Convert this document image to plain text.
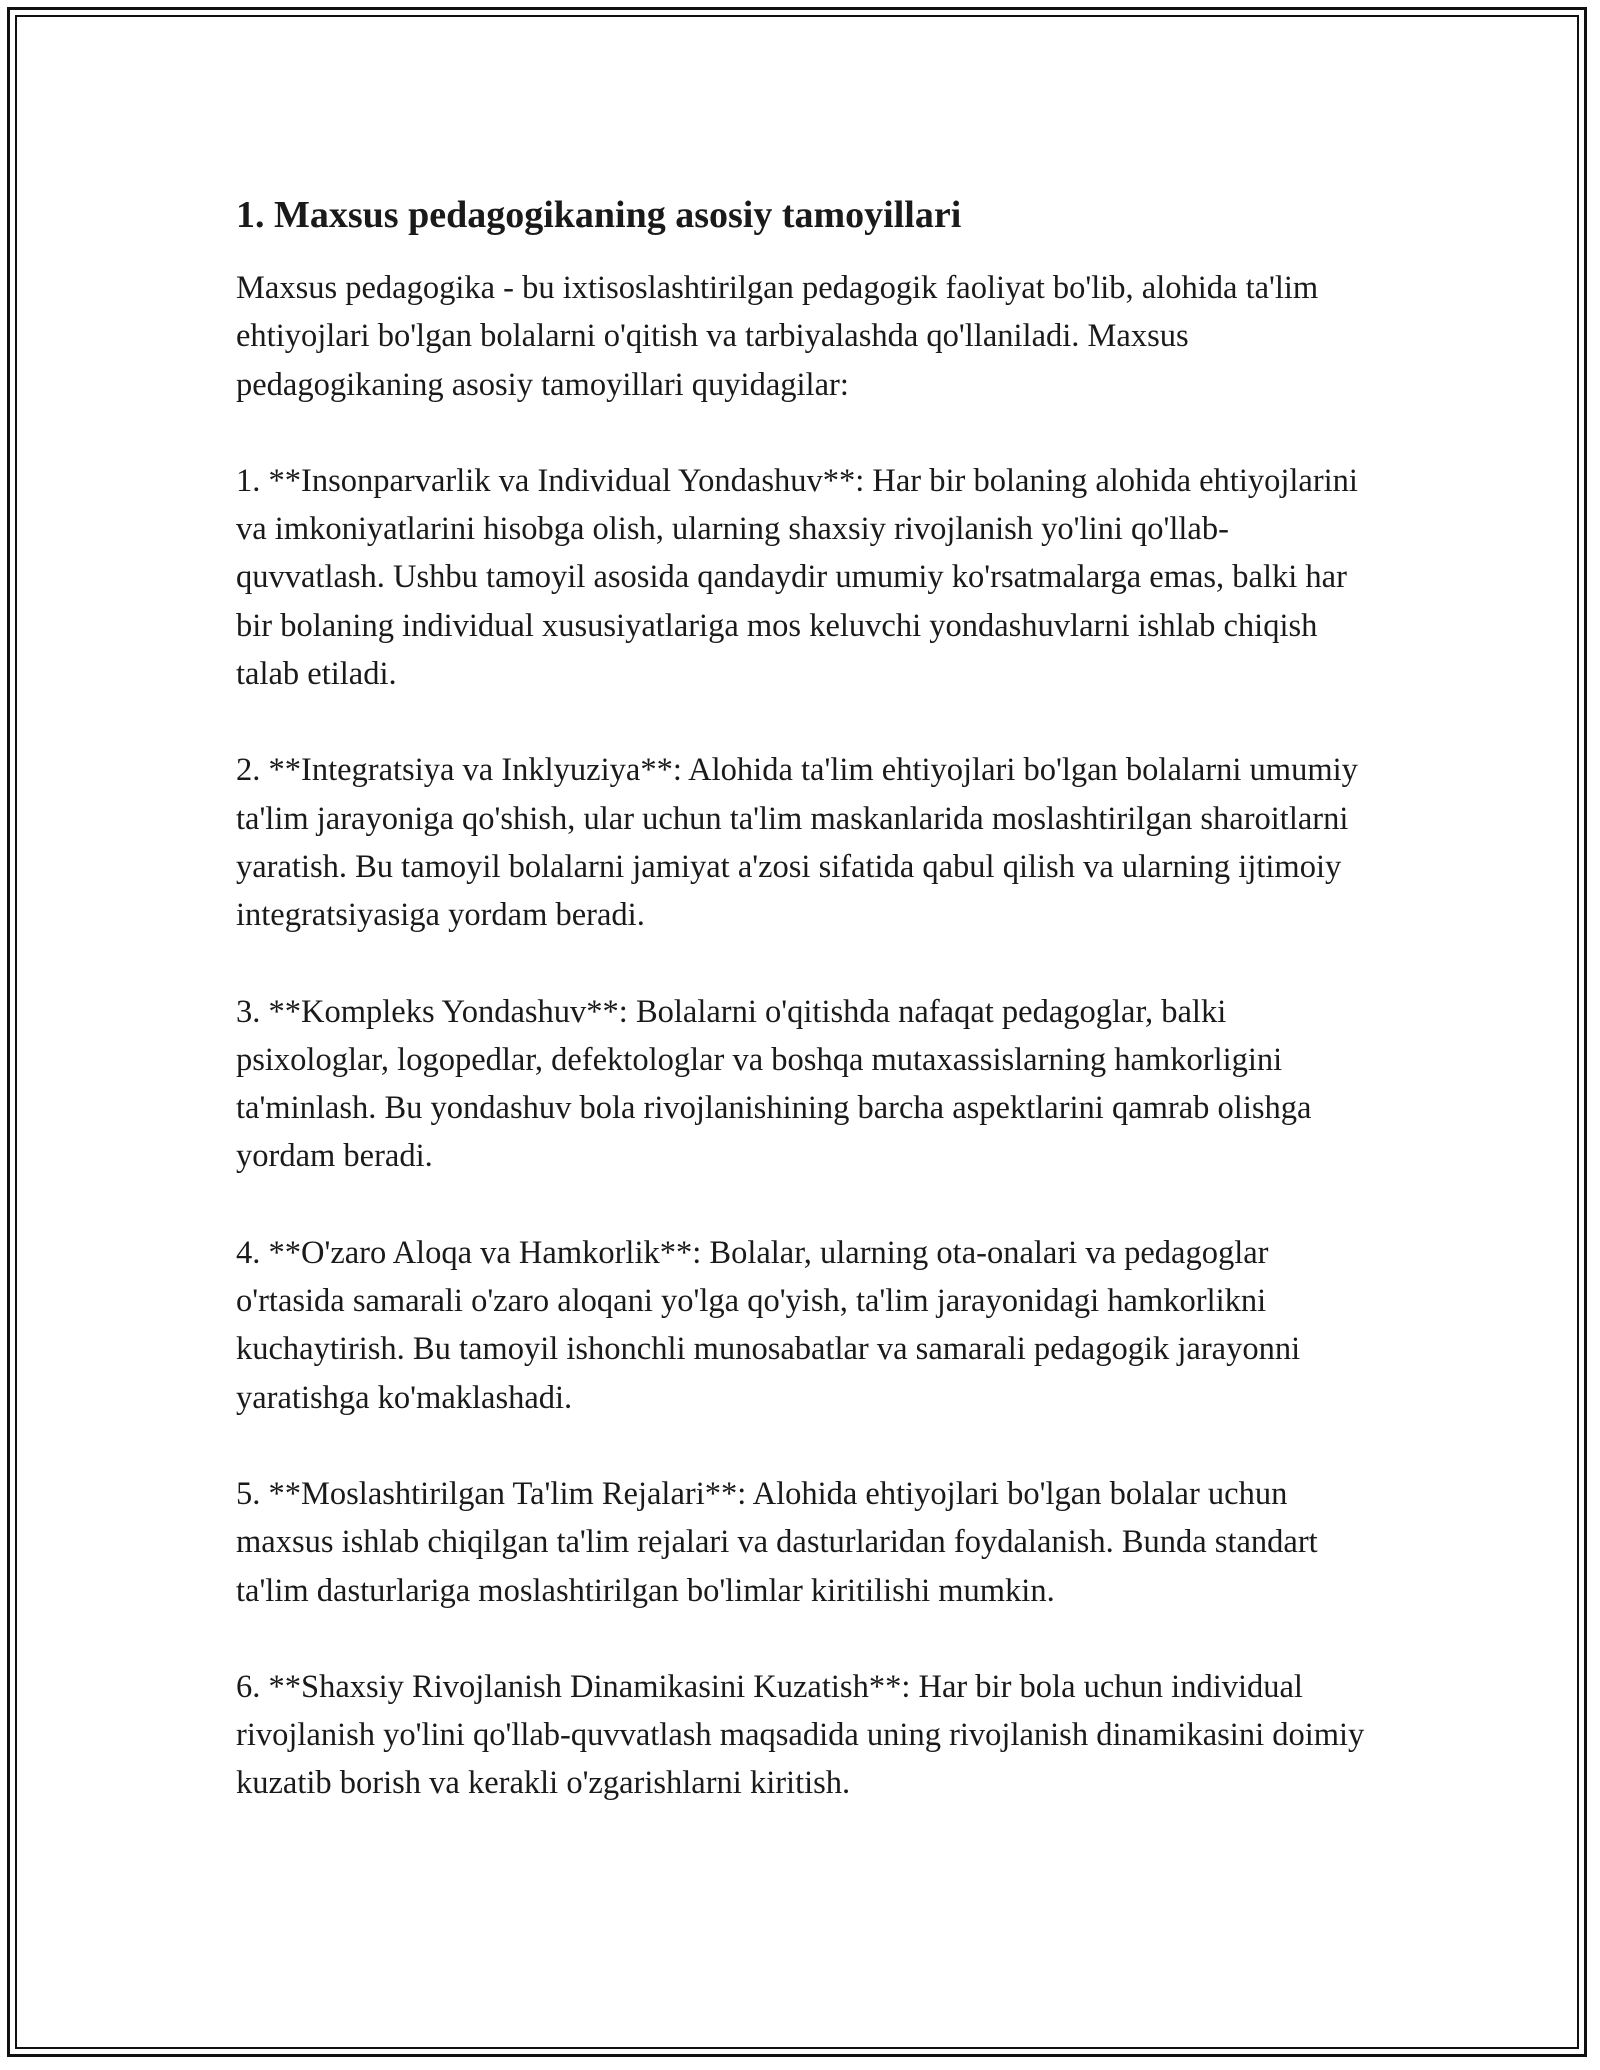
1. Maxsus pedagogikaning asosiy tamoyillari

Maxsus pedagogika - bu ixtisoslashtirilgan pedagogik faoliyat bo'lib, alohida ta'lim ehtiyojlari bo'lgan bolalarni o'qitish va tarbiyalashda qo'llaniladi. Maxsus pedagogikaning asosiy tamoyillari quyidagilar:

1. **Insonparvarlik va Individual Yondashuv**: Har bir bolaning alohida ehtiyojlarini va imkoniyatlarini hisobga olish, ularning shaxsiy rivojlanish yo'lini qo'llab-quvvatlash. Ushbu tamoyil asosida qandaydir umumiy ko'rsatmalarga emas, balki har bir bolaning individual xususiyatlariga mos keluvchi yondashuvlarni ishlab chiqish talab etiladi.

2. **Integratsiya va Inklyuziya**: Alohida ta'lim ehtiyojlari bo'lgan bolalarni umumiy ta'lim jarayoniga qo'shish, ular uchun ta'lim maskanlarida moslashtirilgan sharoitlarni yaratish. Bu tamoyil bolalarni jamiyat a'zosi sifatida qabul qilish va ularning ijtimoiy integratsiyasiga yordam beradi.

3. **Kompleks Yondashuv**: Bolalarni o'qitishda nafaqat pedagoglar, balki psixologlar, logopedlar, defektologlar va boshqa mutaxassislarning hamkorligini ta'minlash. Bu yondashuv bola rivojlanishining barcha aspektlarini qamrab olishga yordam beradi.

4. **O'zaro Aloqa va Hamkorlik**: Bolalar, ularning ota-onalari va pedagoglar o'rtasida samarali o'zaro aloqani yo'lga qo'yish, ta'lim jarayonidagi hamkorlikni kuchaytirish. Bu tamoyil ishonchli munosabatlar va samarali pedagogik jarayonni yaratishga ko'maklashadi.

5. **Moslashtirilgan Ta'lim Rejalari**: Alohida ehtiyojlari bo'lgan bolalar uchun maxsus ishlab chiqilgan ta'lim rejalari va dasturlaridan foydalanish. Bunda standart ta'lim dasturlariga moslashtirilgan bo'limlar kiritilishi mumkin.

6. **Shaxsiy Rivojlanish Dinamikasini Kuzatish**: Har bir bola uchun individual rivojlanish yo'lini qo'llab-quvvatlash maqsadida uning rivojlanish dinamikasini doimiy kuzatib borish va kerakli o'zgarishlarni kiritish.
